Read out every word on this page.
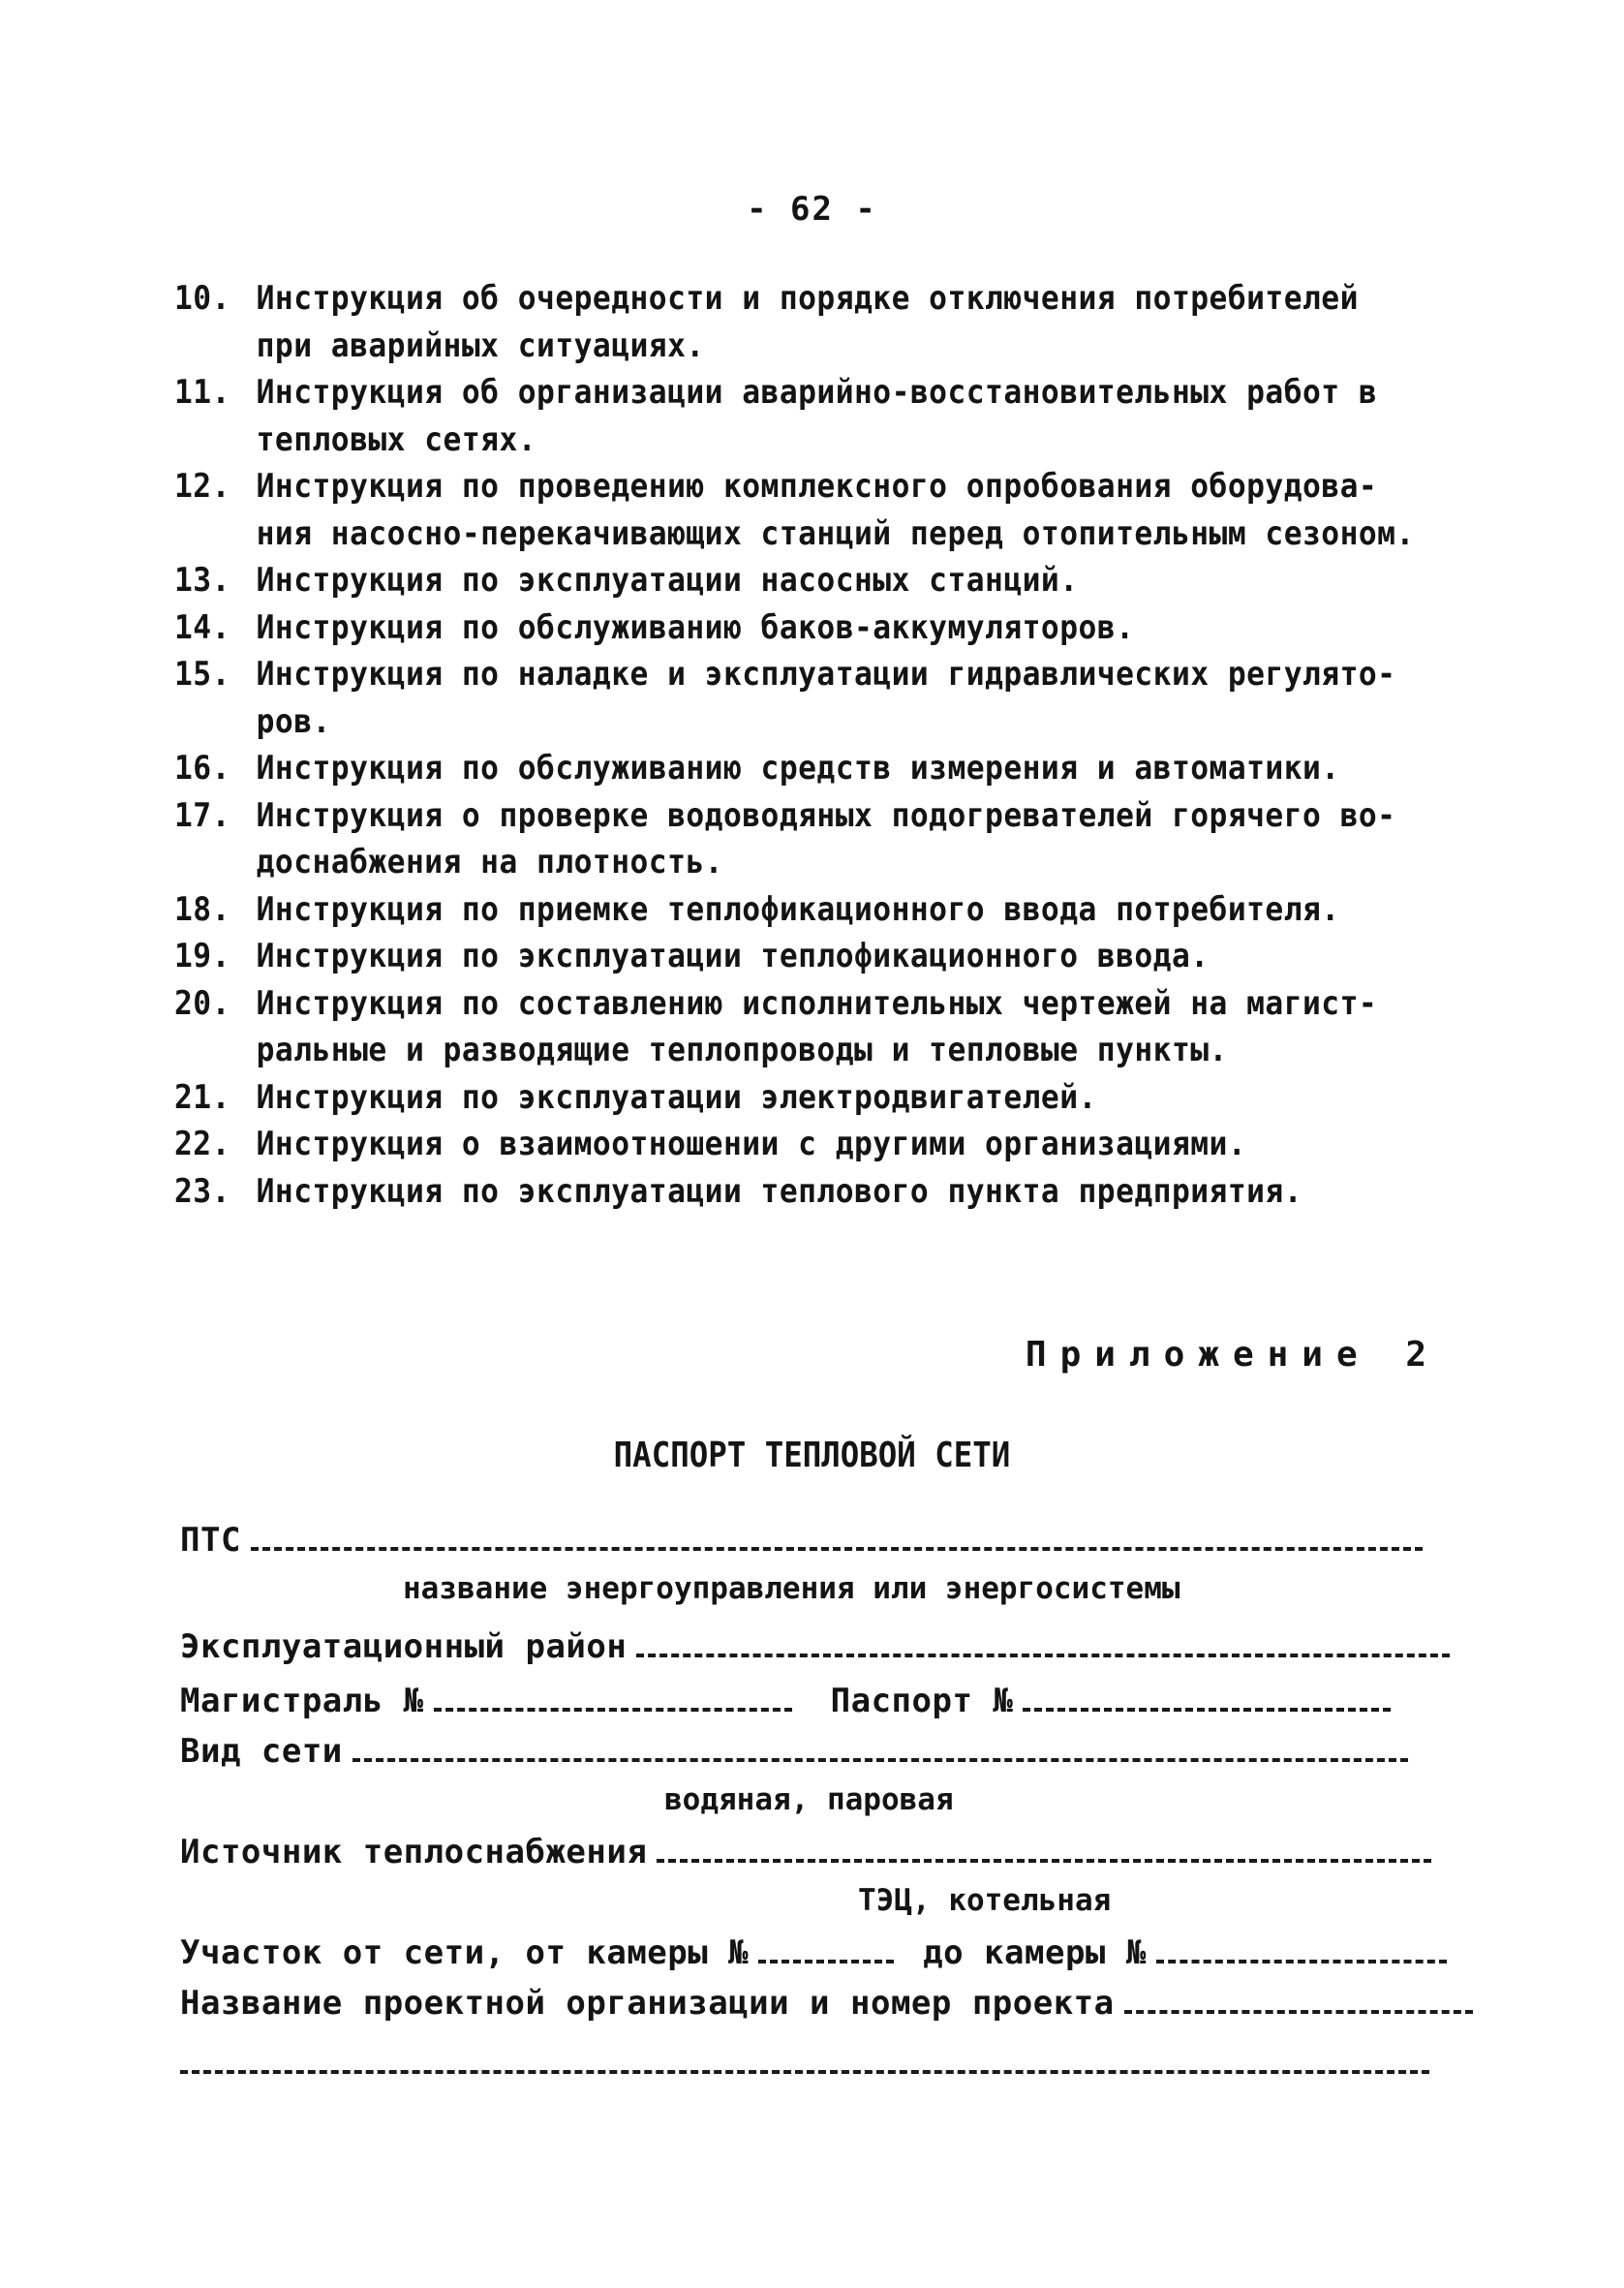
- 62 -
10. Инструкция об очередности и порядке отключения потребителей
при аварийных ситуациях.
11. Инструкция об организации аварийно-восстановительных работ в
тепловых сетях.
12. Инструкция по проведению комплексного опробования оборудова-
ния насосно-перекачивающих станций перед отопительным сезоном.
13. Инструкция по эксплуатации насосных станций.
14. Инструкция по обслуживанию баков-аккумуляторов.
15. Инструкция по наладке и эксплуатации гидравлических регулято-
ров.
16. Инструкция по обслуживанию средств измерения и автоматики.
17. Инструкция о проверке водоводяных подогревателей горячего во-
доснабжения на плотность.
18. Инструкция по приемке теплофикационного ввода потребителя.
19. Инструкция по эксплуатации теплофикационного ввода.
20. Инструкция по составлению исполнительных чертежей на магист-
ральные и разводящие теплопроводы и тепловые пункты.
21. Инструкция по эксплуатации электродвигателей.
22. Инструкция о взаимоотношении с другими организациями.
23. Инструкция по эксплуатации теплового пункта предприятия.
Приложение 2
ПАСПОРТ ТЕПЛОВОЙ СЕТИ
ПТС
название энергоуправления или энергосистемы
Эксплуатационный район
Магистраль №	Паспорт №
Вид сети
водяная, паровая
Источник теплоснабжения
ТЭЦ, котельная
Участок от сети, от камеры №	до камеры №
Название проектной организации и номер проекта
